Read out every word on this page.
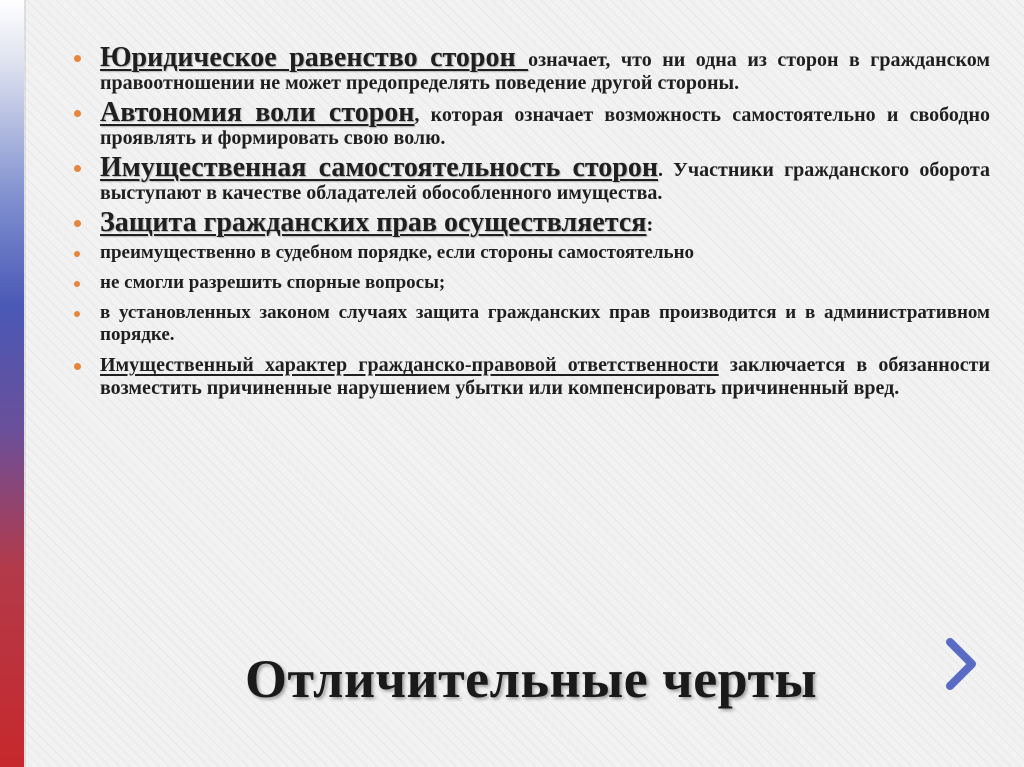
Юридическое равенство сторон означает, что ни одна из сторон в гражданском правоотношении не может предопределять поведение другой стороны.
Автономия воли сторон, которая означает возможность самостоятельно и свободно проявлять и формировать свою волю.
Имущественная самостоятельность сторон. Участники гражданского оборота выступают в качестве обладателей обособленного имущества.
Защита гражданских прав осуществляется:
преимущественно в судебном порядке, если стороны самостоятельно
не смогли разрешить спорные вопросы;
в установленных законом случаях защита гражданских прав производится и в административном порядке.
Имущественный характер гражданско-правовой ответственности заключается в обязанности возместить причиненные нарушением убытки или компенсировать причиненный вред.
Отличительные черты
